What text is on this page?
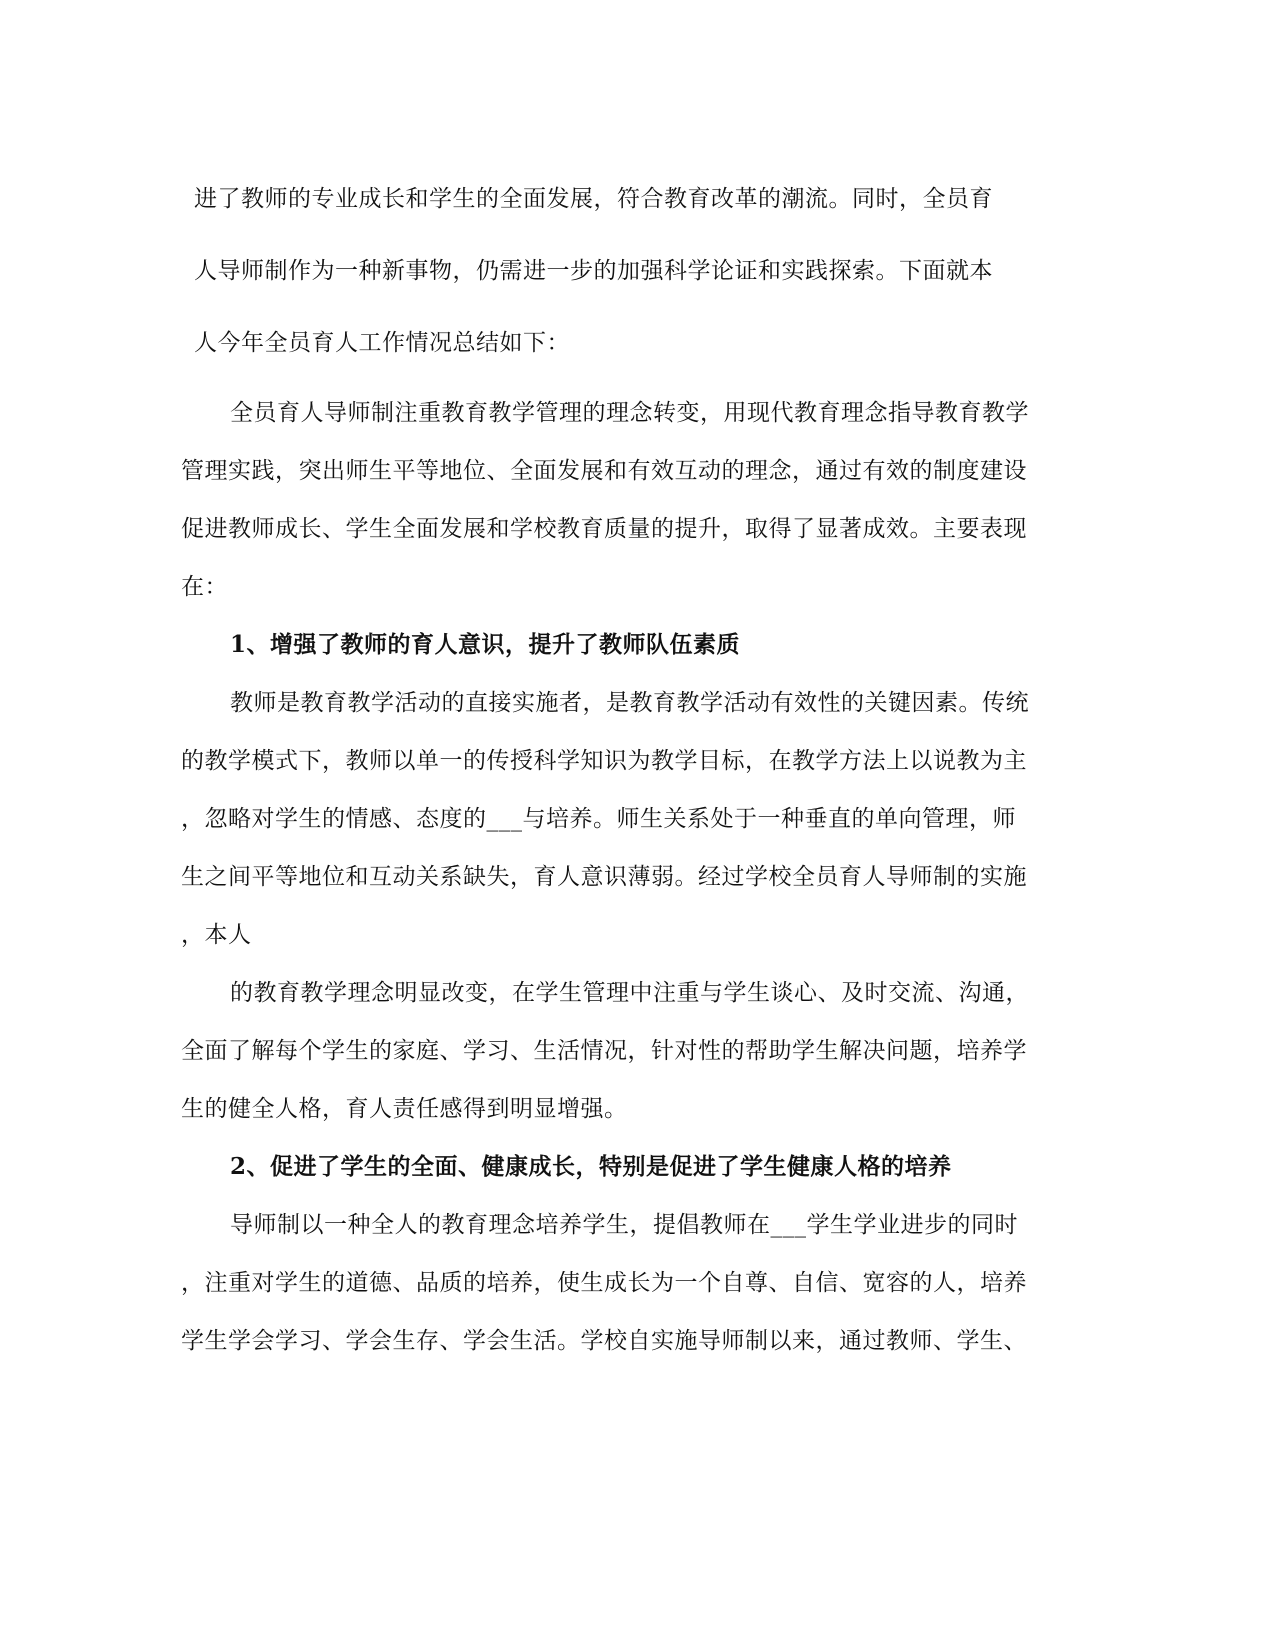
进了教师的专业成长和学生的全面发展，符合教育改革的潮流。同时，全员育
人导师制作为一种新事物，仍需进一步的加强科学论证和实践探索。下面就本
人今年全员育人工作情况总结如下：
全员育人导师制注重教育教学管理的理念转变，用现代教育理念指导教育教学
管理实践，突出师生平等地位、全面发展和有效互动的理念，通过有效的制度建设
促进教师成长、学生全面发展和学校教育质量的提升，取得了显著成效。主要表现
在：
1、增强了教师的育人意识，提升了教师队伍素质
教师是教育教学活动的直接实施者，是教育教学活动有效性的关键因素。传统
的教学模式下，教师以单一的传授科学知识为教学目标，在教学方法上以说教为主
，忽略对学生的情感、态度的___与培养。师生关系处于一种垂直的单向管理，师
生之间平等地位和互动关系缺失，育人意识薄弱。经过学校全员育人导师制的实施
，本人
的教育教学理念明显改变，在学生管理中注重与学生谈心、及时交流、沟通，
全面了解每个学生的家庭、学习、生活情况，针对性的帮助学生解决问题，培养学
生的健全人格，育人责任感得到明显增强。
2、促进了学生的全面、健康成长，特别是促进了学生健康人格的培养
导师制以一种全人的教育理念培养学生，提倡教师在___学生学业进步的同时
，注重对学生的道德、品质的培养，使生成长为一个自尊、自信、宽容的人，培养
学生学会学习、学会生存、学会生活。学校自实施导师制以来，通过教师、学生、
